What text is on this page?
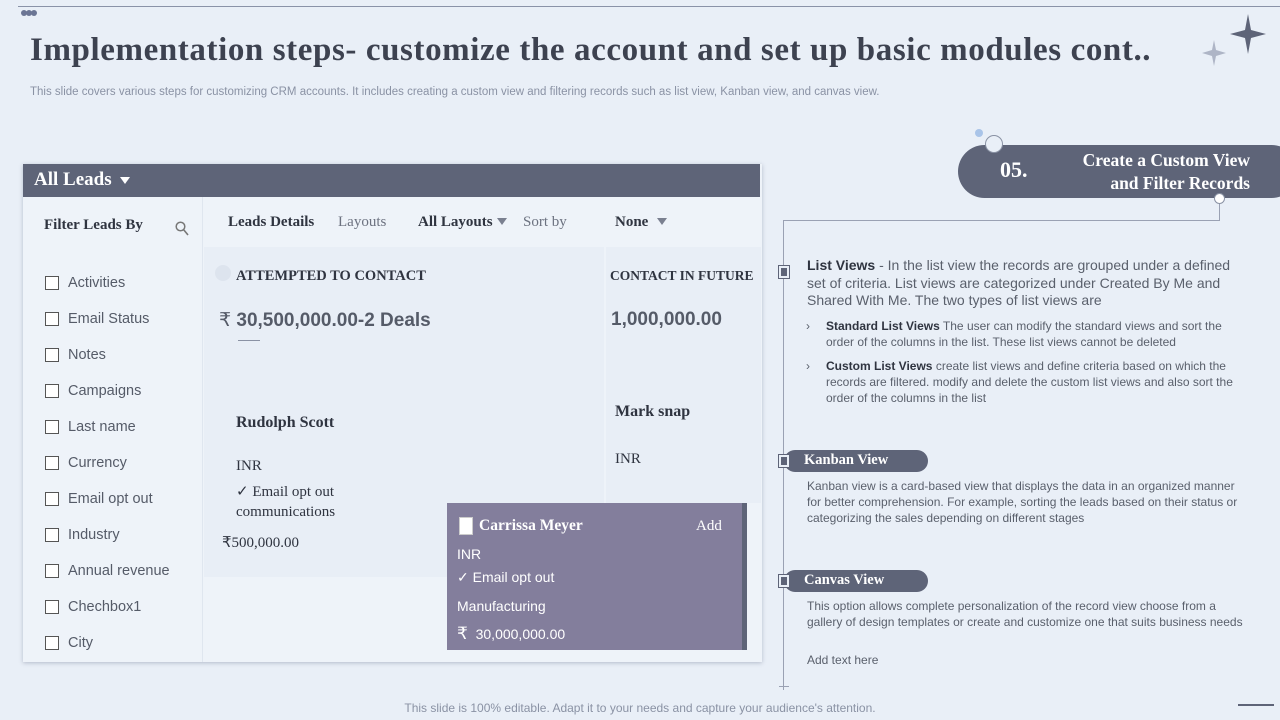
Implementation steps- customize the account and set up basic modules cont..

This slide covers various steps for customizing CRM accounts. It includes creating a custom view and filtering records such as list view, Kanban view, and canvas view.

All Leads
Filter Leads By
Activities
Email Status
Notes
Campaigns
Last name
Currency
Email opt out
Industry
Annual revenue
Chechbox1
City
Leads Details Layouts All Layouts	Sort by	None
ATTEMPTED TO CONTACT
₹ 30,500,000.00-2 Deals
Rudolph Scott
INR
✓ Email opt out
communications
₹500,000.00
CONTACT IN FUTURE
1,000,000.00
Mark snap
INR
Carrissa Meyer	Add
INR
✓ Email opt out
Manufacturing
₹ 30,000,000.00
05.	Create a Custom View
and Filter Records
List Views - In the list view the records are grouped under a defined set of criteria. List views are categorized under Created By Me and Shared With Me. The two types of list views are
› Standard List Views The user can modify the standard views and sort the order of the columns in the list. These list views cannot be deleted
› Custom List Views create list views and define criteria based on which the records are filtered. modify and delete the custom list views and also sort the order of the columns in the list
Kanban View
Kanban view is a card-based view that displays the data in an organized manner for better comprehension. For example, sorting the leads based on their status or categorizing the sales depending on different stages
Canvas View
This option allows complete personalization of the record view choose from a gallery of design templates or create and customize one that suits business needs
Add text here
This slide is 100% editable. Adapt it to your needs and capture your audience's attention.
